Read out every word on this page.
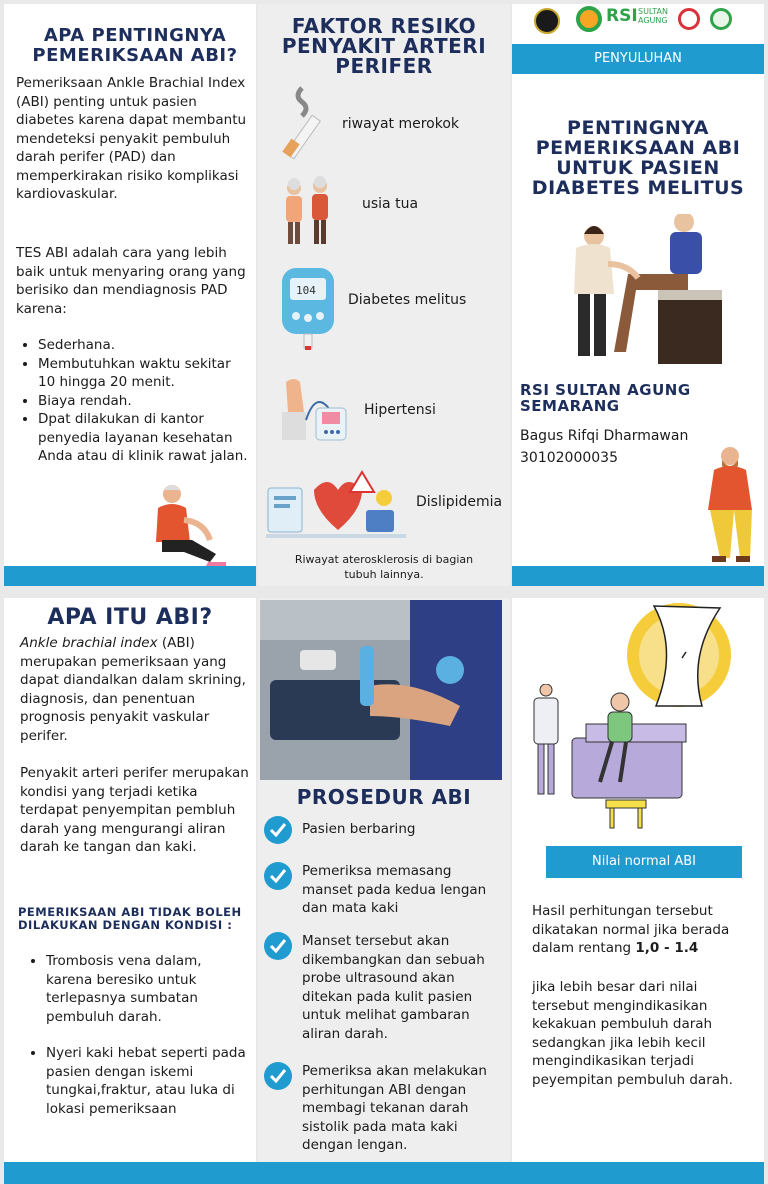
APA PENTINGNYA PEMERIKSAAN ABI?
Pemeriksaan Ankle Brachial Index (ABI) penting untuk pasien diabetes karena dapat membantu mendeteksi penyakit pembuluh darah perifer (PAD) dan memperkirakan risiko komplikasi kardiovaskular.
TES ABI adalah cara yang lebih baik untuk menyaring orang yang berisiko dan mendiagnosis PAD karena:
• Sederhana.
• Membutuhkan waktu sekitar 10 hingga 20 menit.
• Biaya rendah.
• Dpat dilakukan di kantor penyedia layanan kesehatan Anda atau di klinik rawat jalan.
FAKTOR RESIKO PENYAKIT ARTERI PERIFER
riwayat merokok
usia tua
104
Diabetes melitus
Hipertensi
Dislipidemia
Riwayat aterosklerosis di bagian tubuh lainnya.
RSI SULTAN AGUNG
PENYULUHAN
PENTINGNYA PEMERIKSAAN ABI UNTUK PASIEN DIABETES MELITUS
RSI SULTAN AGUNG SEMARANG
Bagus Rifqi Dharmawan
30102000035
APA ITU ABI?
Ankle brachial index (ABI) merupakan pemeriksaan yang dapat diandalkan dalam skrining, diagnosis, dan penentuan prognosis penyakit vaskular perifer.
Penyakit arteri perifer merupakan kondisi yang terjadi ketika terdapat penyempitan pembluh darah yang mengurangi aliran darah ke tangan dan kaki.
PEMERIKSAAN ABI TIDAK BOLEH DILAKUKAN DENGAN KONDISI :
• Trombosis vena dalam, karena beresiko untuk terlepasnya sumbatan pembuluh darah.
• Nyeri kaki hebat seperti pada pasien dengan iskemi tungkai,fraktur, atau luka di lokasi pemeriksaan
PROSEDUR ABI
Pasien berbaring
Pemeriksa memasang manset pada kedua lengan dan mata kaki
Manset tersebut akan dikembangkan dan sebuah probe ultrasound akan ditekan pada kulit pasien untuk melihat gambaran aliran darah.
Pemeriksa akan melakukan perhitungan ABI dengan membagi tekanan darah sistolik pada mata kaki dengan lengan.
Nilai normal ABI
Hasil perhitungan tersebut dikatakan normal jika berada dalam rentang 1,0 - 1.4
jika lebih besar dari nilai tersebut mengindikasikan kekakuan pembuluh darah sedangkan jika lebih kecil mengindikasikan terjadi peyempitan pembuluh darah.
